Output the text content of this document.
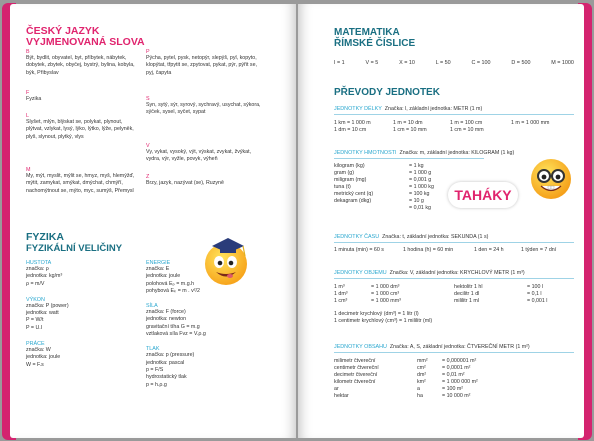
ČESKÝ JAZYK
VYJMENOVANÁ SLOVA
B
Být, bydlit, obyvatel, byt, příbytek, nábytek, dobytek, zbytek, obyčej, bystrý, bylina, kobyla, býk, Přibyslav
F
Fyzika
L
Slyšet, mlýn, blýskat se, polykat, plynout, plýtvat, vzlykat, lysý, lýko, lýtko, lýže, pelyněk, plyš, slynout, plytký, vlys
M
My, mýt, myslit, mýlit se, hmyz, myš, hlemýžď, mýtit, zamykat, smýkat, dmýchat, chmýří, nachomýtnout se, mýto, myc, sumýš, Přemysl
P
Pýcha, pytel, pysk, netopýr, slepýš, pyl, kopyto, klopýtat, třpytit se, zpytovat, pykat, pýr, pýřit se, pyj, čapyta
S
Syn, sytý, sýr, syrový, sychravý, usychat, sýkora, sýček, sysel, syčet, sypat
V
Vy, vykat, vysoký, výt, výskat, zvykat, žvýkat, vydra, výr, vyžle, povyk, výheň
Z
Brzy, jazyk, nazývat (se), Ruzyně
FYZIKA
FYZIKÁLNÍ VELIČINY
HUSTOTA
značka: ρ
jednotka: kg/m³
ρ = m/V
VÝKON
značka: P (power)
jednotka: watt
P = W/t
P = U.I
PRÁCE
značka: W
jednotka: joule
W = F.s
ENERGIE
značka: E
jednotka: joule
polohová Eₚ = m.g.h
pohybová Eₖ = m . v²/2
SÍLA
značka: F (force)
jednotka: newton
gravitační tíha G = m.g
vztlaková síla Fvz = V.ρ.g
TLAK
značka: p (pressure)
jednotka: pascal
p = F/S
hydrostatický tlak
p = h.ρ.g
MATEMATIKA
ŘÍMSKÉ ČÍSLICE
I = 1	V = 5	X = 10	L = 50	C = 100	D = 500	M = 1000
PŘEVODY JEDNOTEK
JEDNOTKY DÉLKY Značka: l, základní jednotka: METR (1 m)
1 km = 1 000 m	1 m = 10 dm	1 m = 100 cm	1 m = 1 000 mm
1 dm = 10 cm	1 cm = 10 mm	1 cm = 10 mm	
JEDNOTKY HMOTNOSTI Značka: m, základní jednotka: KILOGRAM (1 kg)
kilogram (kg)	= 1 kg
gram (g)	= 1 000 g
miligram (mg)	= 0,001 g
tuna (t)	= 1 000 kg
metrický cent (q)	= 100 kg
dekagram (dkg)	= 10 g
	= 0,01 kg
TAHÁKY
JEDNOTKY ČASU Značka: t, základní jednotka: SEKUNDA (1 s)
1 minuta (min) = 60 s	1 hodina (h) = 60 min	1 den = 24 h	1 týden = 7 dní
JEDNOTKY OBJEMU Značka: V, základní jednotka: KRYCHLOVÝ METR (1 m³)
1 m³	= 1 000 dm³	hektolitr 1 hl	= 100 l
1 dm³	= 1 000 cm³	decilitr 1 dl	= 0,1 l
1 cm³	= 1 000 mm³	mililitr 1 ml	= 0,001 l
1 decimetr krychlový (dm³) = 1 litr (l)
1 centimetr krychlový (cm³) = 1 mililitr (ml)
JEDNOTKY OBSAHU Značka: A, S, základní jednotka: ČTVEREČNÍ METR (1 m²)
milimetr čtvereční	mm²	= 0,000001 m²
centimetr čtvereční	cm²	= 0,0001 m²
decimetr čtvereční	dm²	= 0,01 m²
kilometr čtvereční	km²	= 1 000 000 m²
ar	a	= 100 m²
hektar	ha	= 10 000 m²
